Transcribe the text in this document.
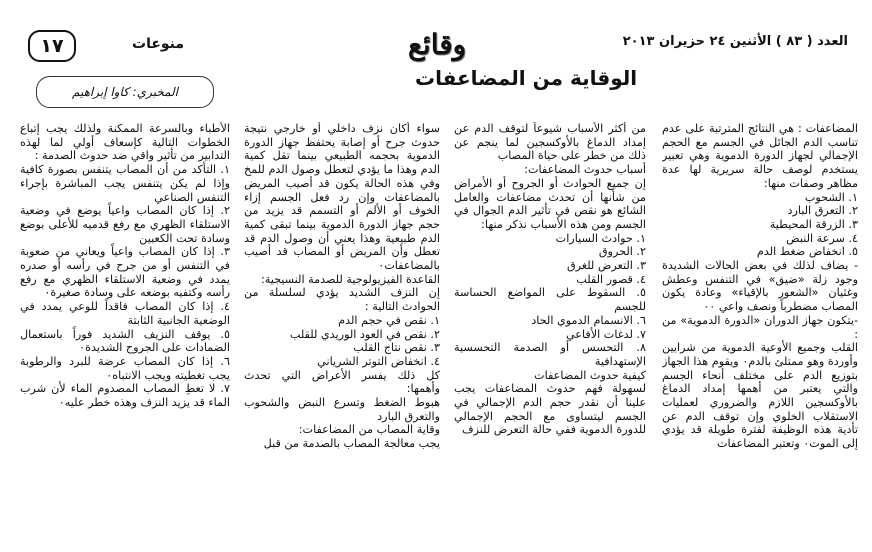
العدد ( ٨٣ ) الأثنين ٢٤ حزيران ٢٠١٣
وقائع
الوقاية من المضاعفات
منوعات
١٧
المخبري: كاوا إبراهيم

المضاعفات : هي النتائج المترتبة على عدم تناسب الدم الجائل في الجسم مع الحجم الإجمالي لجهاز الدورة الدموية وهي تعبير يستخدم لوصف حالة سريرية لها عدة مظاهر وصفات منها:

١. الشحوب

٢. التعرق البارد

٣. الزرقة المحيطية

٤. سرعة النبض

٥. انخفاض ضغط الدم

- يضاف لذلك في بعض الحالات الشديدة وجود زلة «ضيق» في التنفس وعطش وغثيان «الشعور بالإقياء» وعادة يكون المصاب مضطرباً ونصف واعي ٠٠

-يتكون جهاز الدوران «الدورة الدموية» من :

القلب وجميع الأوعية الدموية من شرايين وأوردة وهو ممتلئ بالدم٠ ويقوم هذا الجهاز بتوزيع الدم على مختلف أنحاء الجسم والتي يعتبر من أهمها إمداد الدماغ بالأوكسجين اللازم والضروري لعمليات الاستقلاب الخلوي وإن توقف الدم عن تأدية هذه الوظيفة لفترة طويلة قد يؤدي إلى الموت٠ وتعتبر المضاعفات

من أكثر الأسباب شيوعاً لتوقف الدم عن إمداد الدماغ بالأوكسجين لما ينجم عن ذلك من خطر على حياة المصاب

أسباب حدوث المضاعفات:

إن جميع الحوادث أو الجروح أو الأمراض من شأنها أن تحدث مضاعفات والعامل الشائع هو نقص في تأثير الدم الجوال في الجسم ومن هذه الأسباب نذكر منها:

١. حوادث السيارات

٢. الحروق

٣. التعرض للغرق

٤. قصور القلب

٥. السقوط على المواضع الحساسة للجسم

٦. الانسمام الدموي الحاد

٧. لدغات الأفاعي

٨. التحسس أو الصدمة التحسسية الإستهدافية

كيفية حدوث المضاعفات

لسهولة فهم حدوث المضاعفات يجب علينا أن نقدر حجم الدم الإجمالي في الجسم ليتساوى مع الحجم الإجمالي للدورة الدموية ففي حالة التعرض للنزف

سواء أكان نزف داخلي أو خارجي نتيجة حدوث جرح أو إصابة يحتفظ جهاز الدورة الدموية بحجمه الطبيعي بينما تقل كمية الدم وهذا ما يؤدي لتعطل وصول الدم للمخ وفي هذه الحالة يكون قد أصيب المريض بالمضاعفات وإن رد فعل الجسم إزاء الخوف أو الألم أو التسمم قد يزيد من حجم جهاز الدورة الدموية بينما تبقى كمية الدم طبيعية وهذا يعني أن وصول الدم قد تعطل وأن المريض أو المصاب قد أصيب بالمضاعفات٠

القاعدة الفيزيولوجية للصدمة النسيجية:

إن النزف الشديد يؤدي لسلسلة من الحوادث التالية :

١. نقص في حجم الدم

٢. نقص في العود الوريدي للقلب

٣. نقص نتاج القلب

٤. انخفاض التوتر الشرياني

كل ذلك يفسر الأعراض التي تحدث وأهمها:

هبوط الضغط وتسرع النبض والشحوب والتعرق البارد

وقاية المصاب من المضاعفات:

يجب معالجة المصاب بالصدمة من قبل

الأطباء وبالسرعة الممكنة ولذلك يجب إتباع الخطوات التالية كإسعاف أولي لما لهذه التدابير من تأثير واقي ضد حدوث الصدمة :

١. التأكد من أن المصاب يتنفس بصورة كافية وإذا لم يكن يتنفس يجب المباشرة بإجراء التنفس الصناعي

٢. إذا كان المصاب واعياً يوضع في وضعية الاستلقاء الظهري مع رفع قدميه للأعلى بوضع وسادة تحت الكعبين

٣. إذا كان المصاب واعياً ويعاني من صعوبة في التنفس أو من جرح في رأسه أو صدره يمدد في وضعية الاستلقاء الظهري مع رفع رأسه وكتفيه بوضعه على وسادة صغيرة٠

٤. إذا كان المصاب فاقداً للوعي يمدد في الوضعية الجانبية الثابتة

٥. يوقف النزيف الشديد فوراً باستعمال الضمادات على الجروح الشديدة٠

٦. إذا كان المصاب عرضة للبرد والرطوبة يجب تغطيته ويجب الانتباه٠

٧. لا تعطِ المصاب المصدوم الماء لأن شرب الماء قد يزيد النزف وهذه خطر عليه٠
